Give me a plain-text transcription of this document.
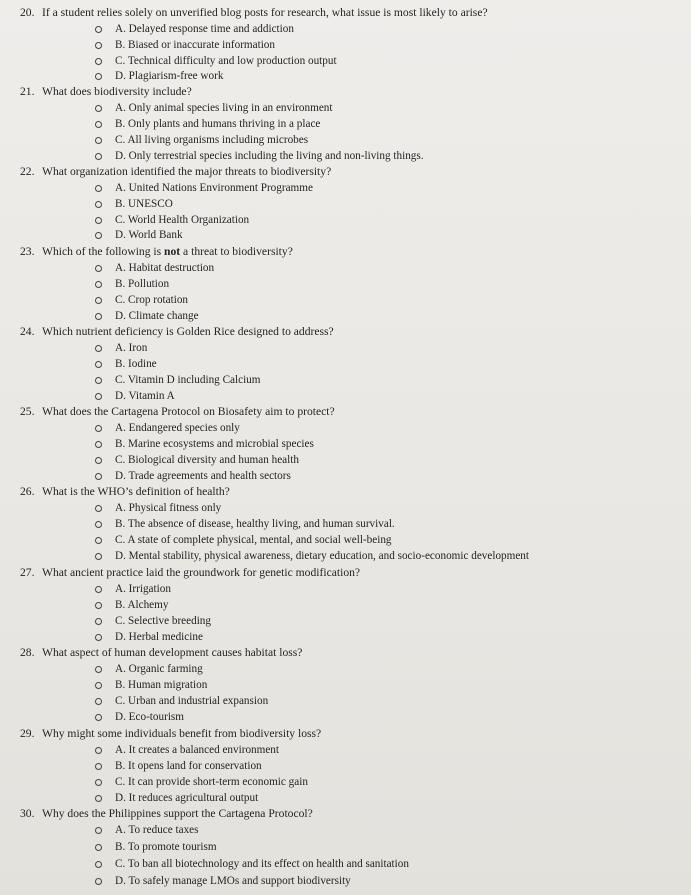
20. If a student relies solely on unverified blog posts for research, what issue is most likely to arise?
A. Delayed response time and addiction
B. Biased or inaccurate information
C. Technical difficulty and low production output
D. Plagiarism-free work
21. What does biodiversity include?
A. Only animal species living in an environment
B. Only plants and humans thriving in a place
C. All living organisms including microbes
D. Only terrestrial species including the living and non-living things.
22. What organization identified the major threats to biodiversity?
A. United Nations Environment Programme
B. UNESCO
C. World Health Organization
D. World Bank
23. Which of the following is not a threat to biodiversity?
A. Habitat destruction
B. Pollution
C. Crop rotation
D. Climate change
24. Which nutrient deficiency is Golden Rice designed to address?
A. Iron
B. Iodine
C. Vitamin D including Calcium
D. Vitamin A
25. What does the Cartagena Protocol on Biosafety aim to protect?
A. Endangered species only
B. Marine ecosystems and microbial species
C. Biological diversity and human health
D. Trade agreements and health sectors
26. What is the WHO’s definition of health?
A. Physical fitness only
B. The absence of disease, healthy living, and human survival.
C. A state of complete physical, mental, and social well-being
D. Mental stability, physical awareness, dietary education, and socio-economic development
27. What ancient practice laid the groundwork for genetic modification?
A. Irrigation
B. Alchemy
C. Selective breeding
D. Herbal medicine
28. What aspect of human development causes habitat loss?
A. Organic farming
B. Human migration
C. Urban and industrial expansion
D. Eco-tourism
29. Why might some individuals benefit from biodiversity loss?
A. It creates a balanced environment
B. It opens land for conservation
C. It can provide short-term economic gain
D. It reduces agricultural output
30. Why does the Philippines support the Cartagena Protocol?
A. To reduce taxes
B. To promote tourism
C. To ban all biotechnology and its effect on health and sanitation
D. To safely manage LMOs and support biodiversity
